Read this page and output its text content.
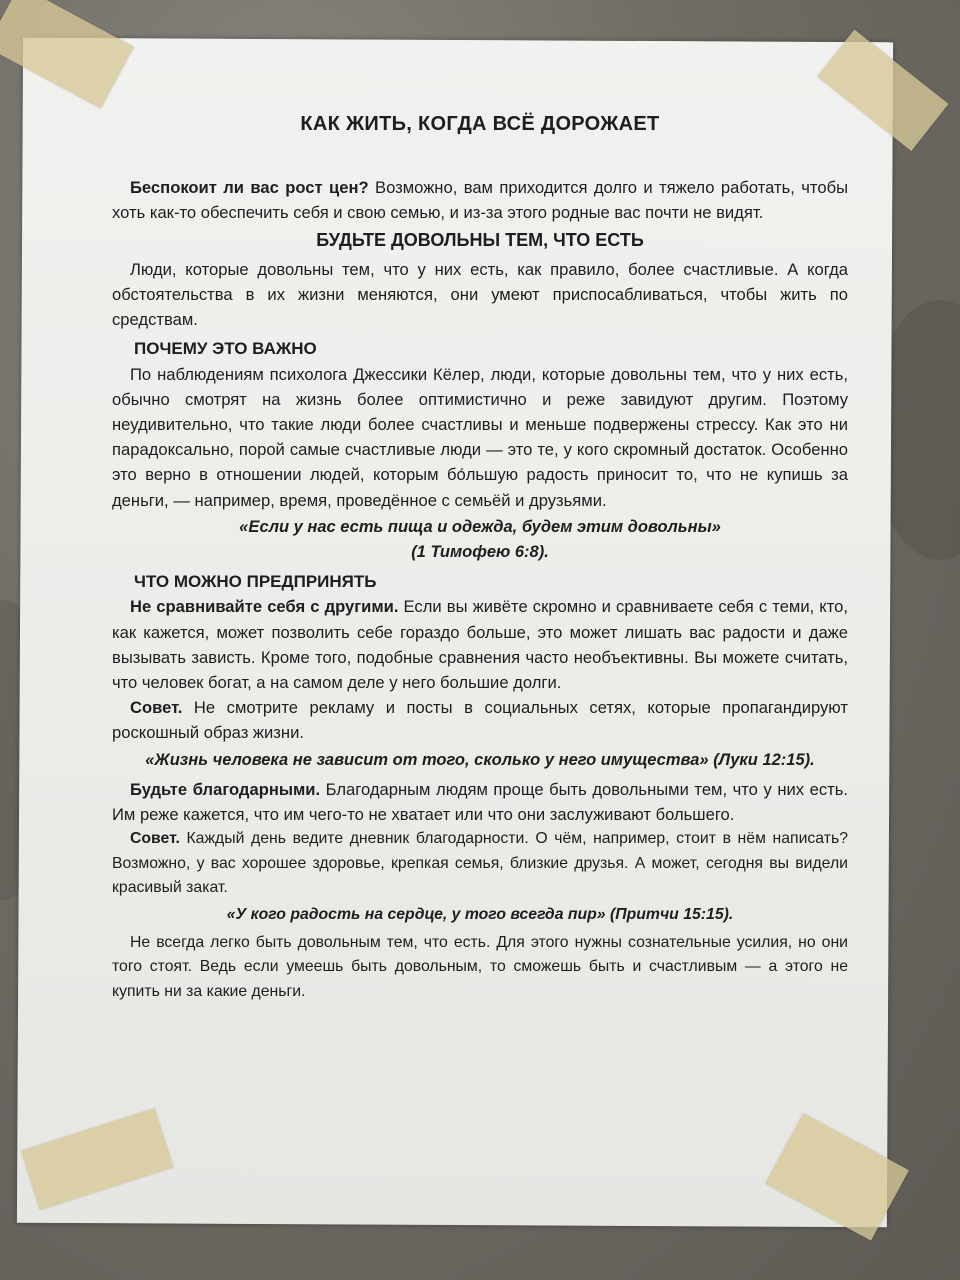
КАК ЖИТЬ, КОГДА ВСЁ ДОРОЖАЕТ

Беспокоит ли вас рост цен? Возможно, вам приходится долго и тяжело работать, чтобы хоть как-то обеспечить себя и свою семью, и из-за этого родные вас почти не видят.

БУДЬТЕ ДОВОЛЬНЫ ТЕМ, ЧТО ЕСТЬ

Люди, которые довольны тем, что у них есть, как правило, более счастливые. А когда обстоятельства в их жизни меняются, они умеют приспосабливаться, чтобы жить по средствам.

ПОЧЕМУ ЭТО ВАЖНО

По наблюдениям психолога Джессики Кёлер, люди, которые довольны тем, что у них есть, обычно смотрят на жизнь более оптимистично и реже завидуют другим. Поэтому неудивительно, что такие люди более счастливы и меньше подвержены стрессу. Как это ни парадоксально, порой самые счастливые люди — это те, у кого скромный достаток. Особенно это верно в отношении людей, которым бо́льшую радость приносит то, что не купишь за деньги, — например, время, проведённое с семьёй и друзьями.

«Если у нас есть пища и одежда, будем этим довольны»
(1 Тимофею 6:8).
ЧТО МОЖНО ПРЕДПРИНЯТЬ

Не сравнивайте себя с другими. Если вы живёте скромно и сравниваете себя с теми, кто, как кажется, может позволить себе гораздо больше, это может лишать вас радости и даже вызывать зависть. Кроме того, подобные сравнения часто необъективны. Вы можете считать, что человек богат, а на самом деле у него большие долги.

Совет. Не смотрите рекламу и посты в социальных сетях, которые пропагандируют роскошный образ жизни.

«Жизнь человека не зависит от того, сколько у него имущества» (Луки 12:15).

Будьте благодарными. Благодарным людям проще быть довольными тем, что у них есть. Им реже кажется, что им чего-то не хватает или что они заслуживают большего.

Совет. Каждый день ведите дневник благодарности. О чём, например, стоит в нём написать? Возможно, у вас хорошее здоровье, крепкая семья, близкие друзья. А может, сегодня вы видели красивый закат.

«У кого радость на сердце, у того всегда пир» (Притчи 15:15).

Не всегда легко быть довольным тем, что есть. Для этого нужны сознательные усилия, но они того стоят. Ведь если умеешь быть довольным, то сможешь быть и счастливым — а этого не купить ни за какие деньги.
